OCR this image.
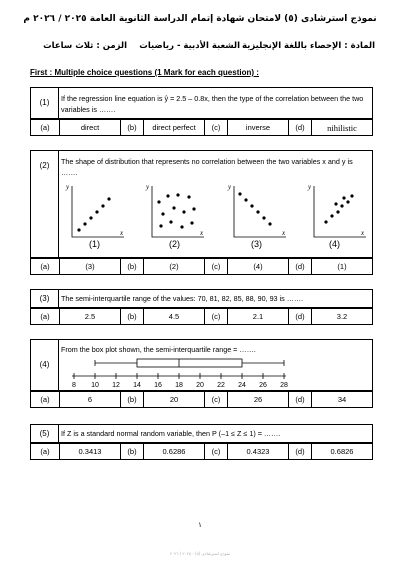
نموذج استرشادى (٥) لامتحان شهادة إتمام الدراسة الثانوية العامة ٢٠٢٥ / ٢٠٢٦ م
المادة : الإحصاء باللغة الإنجليزية
الشعبة الأدبية - رياضيات
الزمن : ثلاث ساعات
First : Multiple choice questions (1 Mark for each question) :
(1)	If the regression line equation is ŷ = 2.5 – 0.8x, then the type of the correlation between the two variables is …….
(a)	direct	(b)	direct perfect	(c)	inverse	(d)	nihilistic
(2)	The shape of distribution that represents no correlation between the two variables x and y is …….
y
x
y
x
y
x
y
x
(1)	(2)	(3)	(4)
(a)	(3)	(b)	(2)	(c)	(4)	(d)	(1)
(3)	The semi-interquartile range of the values: 70, 81, 82, 85, 88, 90, 93 is …….
(a)	2.5	(b)	4.5	(c)	2.1	(d)	3.2
(4)
From the box plot shown, the semi-interquartile range = …….
8 10 12 14 16 18 20 22 24 26 28
(a)	6	(b)	20	(c)	26	(d)	34
(5)	If Z is a standard normal random variable, then P (–1 ≤ Z ≤ 1) = …….
(a)	0.3413	(b)	0.6286	(c)	0.4323	(d)	0.6826
١
نموذج استرشادى (٥) - ٢٠٢٥ / ٢٠٢٦
